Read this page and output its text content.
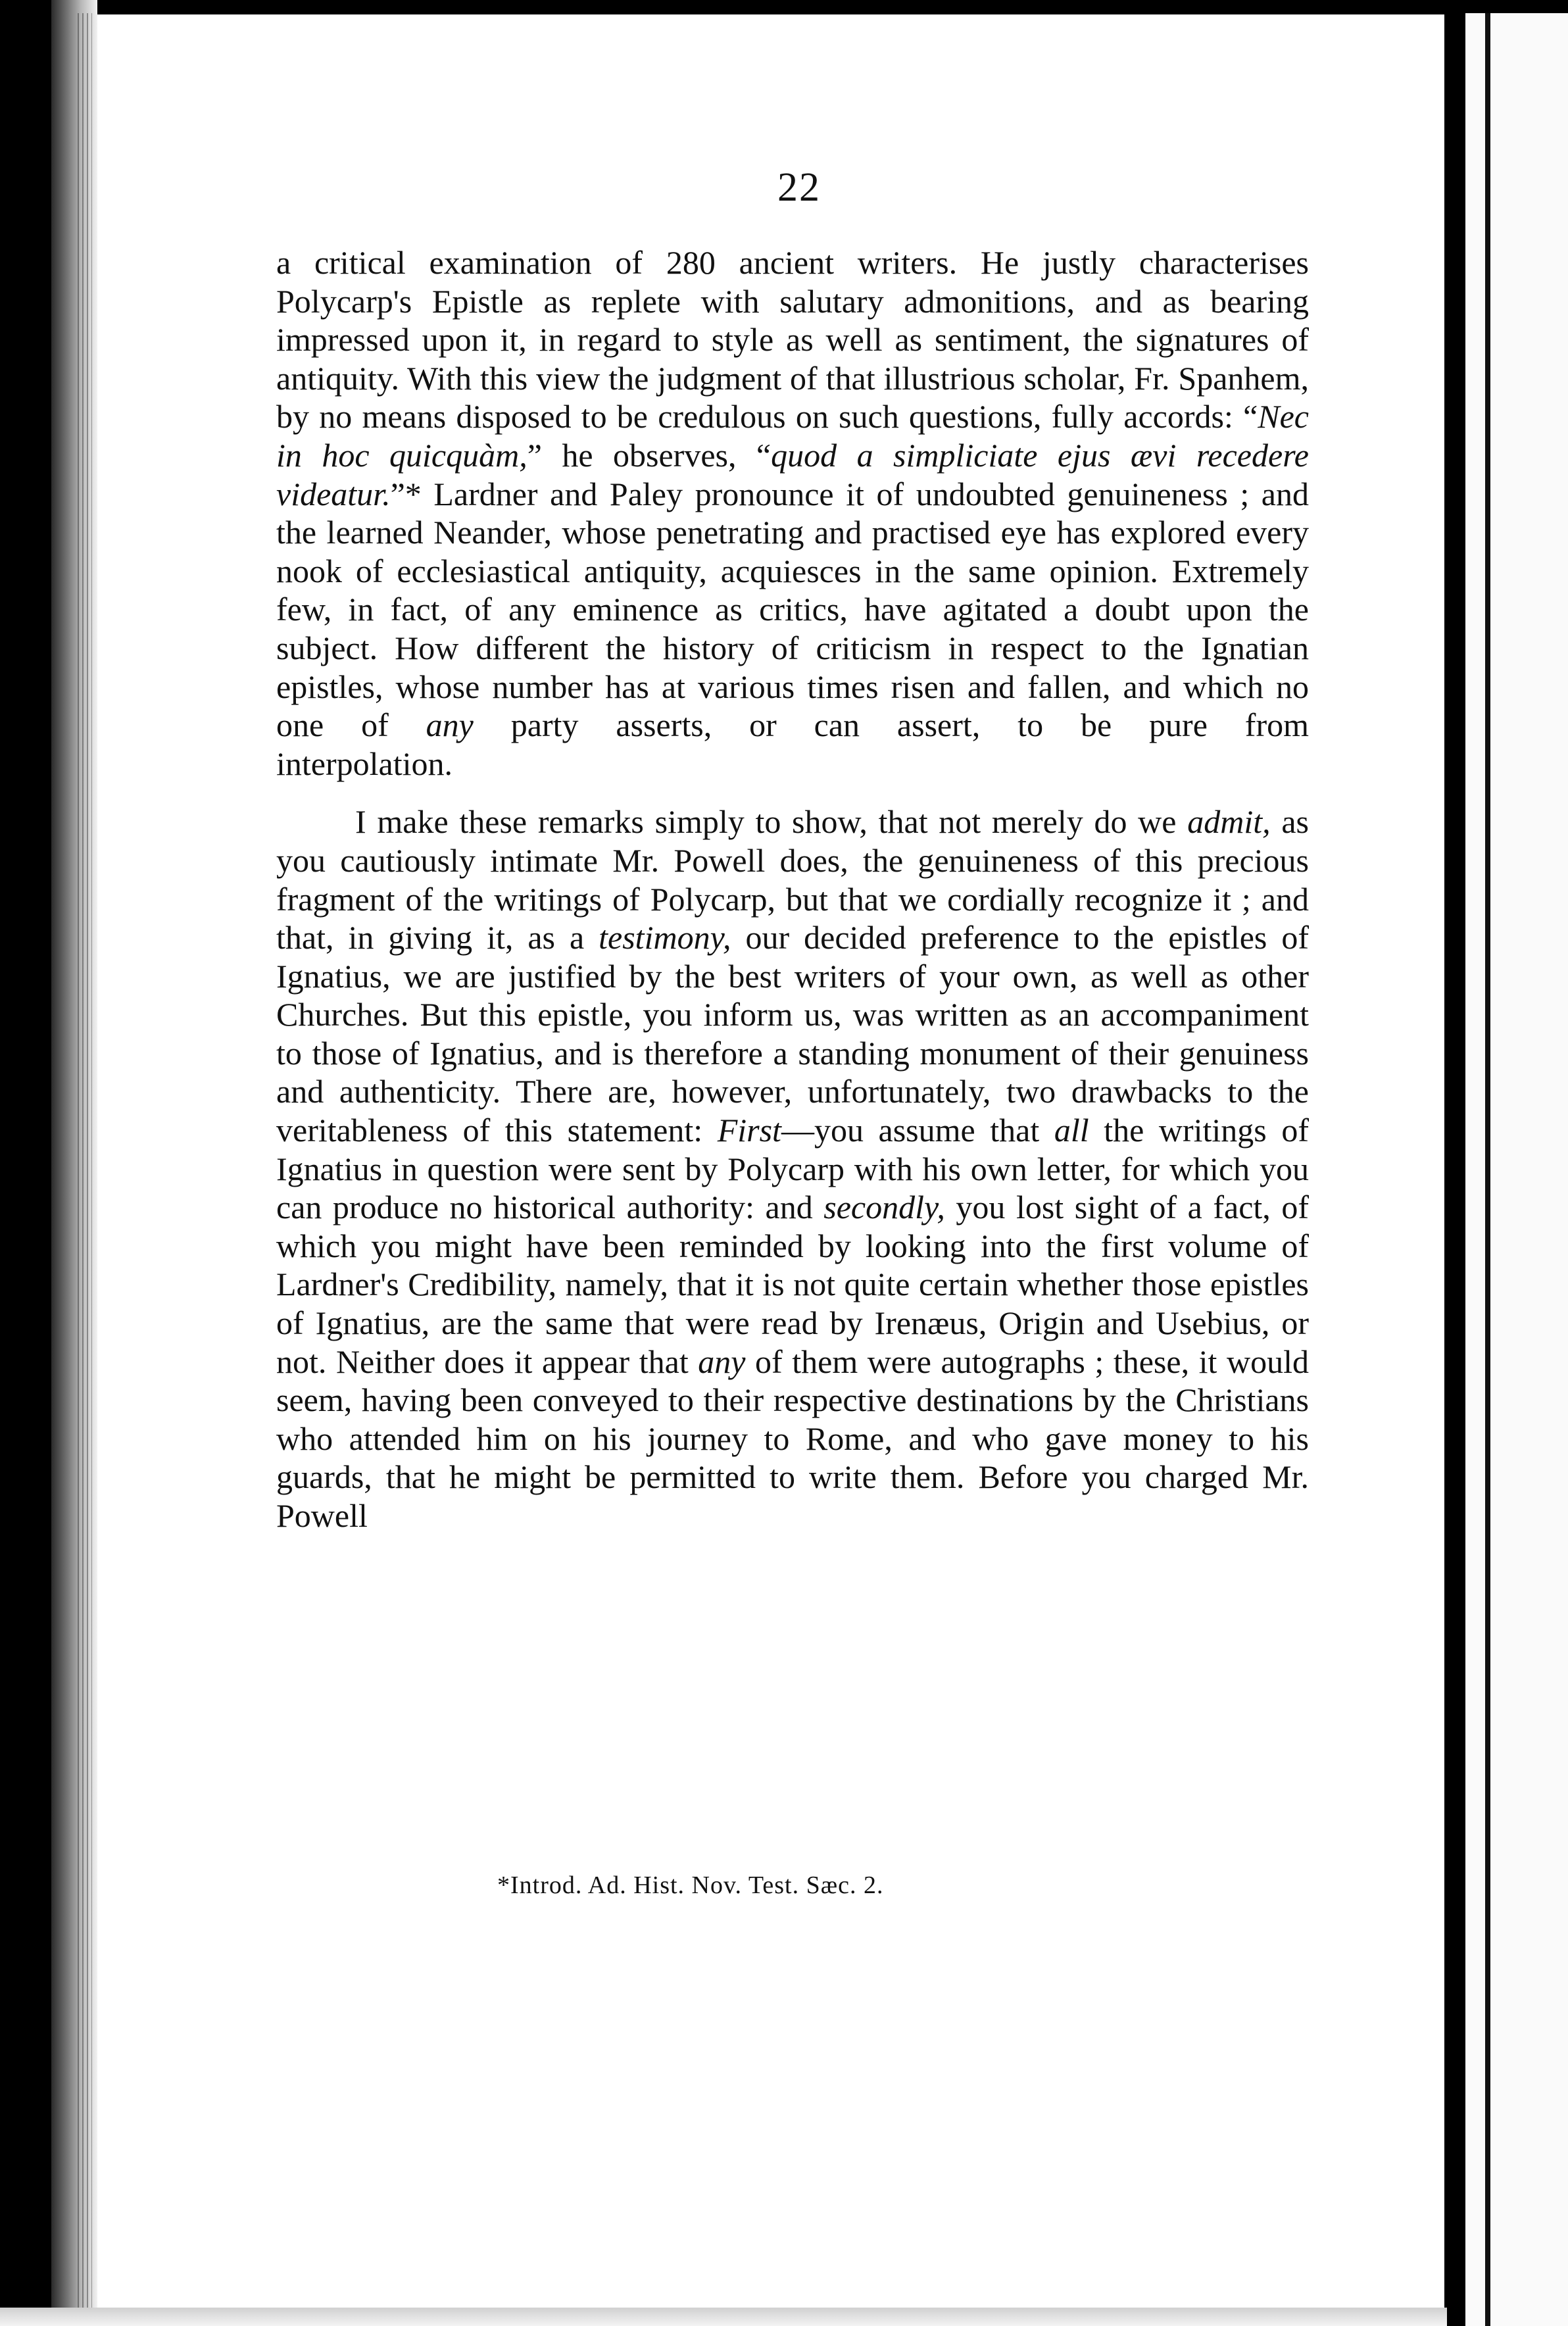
22

a critical examination of 280 ancient writers. He justly characterises Polycarp's Epistle as replete with salutary admonitions, and as bearing impressed upon it, in regard to style as well as sentiment, the signatures of antiquity. With this view the judgment of that illustrious scholar, Fr. Spanhem, by no means disposed to be credulous on such questions, fully accords: “Nec in hoc quicquàm,” he observes, “quod a simpliciate ejus ævi recedere videatur.”* Lardner and Paley pronounce it of undoubted genuineness ; and the learned Neander, whose penetrating and practised eye has explored every nook of ecclesiastical antiquity, acquiesces in the same opinion. Extremely few, in fact, of any eminence as critics, have agitated a doubt upon the subject. How different the history of criticism in respect to the Ignatian epistles, whose number has at various times risen and fallen, and which no one of any party asserts, or can assert, to be pure from
interpolation.

I make these remarks simply to show, that not merely do we admit, as you cautiously intimate Mr. Powell does, the genuineness of this precious fragment of the writings of Polycarp, but that we cordially recognize it ; and that, in giving it, as a testimony, our decided preference to the epistles of Ignatius, we are justified by the best writers of your own, as well as other Churches. But this epistle, you inform us, was written as an accompaniment to those of Ignatius, and is therefore a standing monument of their genuiness and authenticity. There are, however, unfortunately, two drawbacks to the veritableness of this statement: First—you assume that all the writings of Ignatius in question were sent by Polycarp with his own letter, for which you can produce no historical authority: and secondly, you lost sight of a fact, of which you might have been reminded by looking into the first volume of Lardner's Credibility, namely, that it is not quite certain whether those epistles of Ignatius, are the same that were read by Irenæus, Origin and Usebius, or not. Neither does it appear that any of them were autographs ; these, it would seem, having been conveyed to their respective destinations by the Christians who attended him on his journey to Rome, and who gave money to his guards, that he might be permitted to write them. Before you charged Mr. Powell

*Introd. Ad. Hist. Nov. Test. Sæc. 2.
